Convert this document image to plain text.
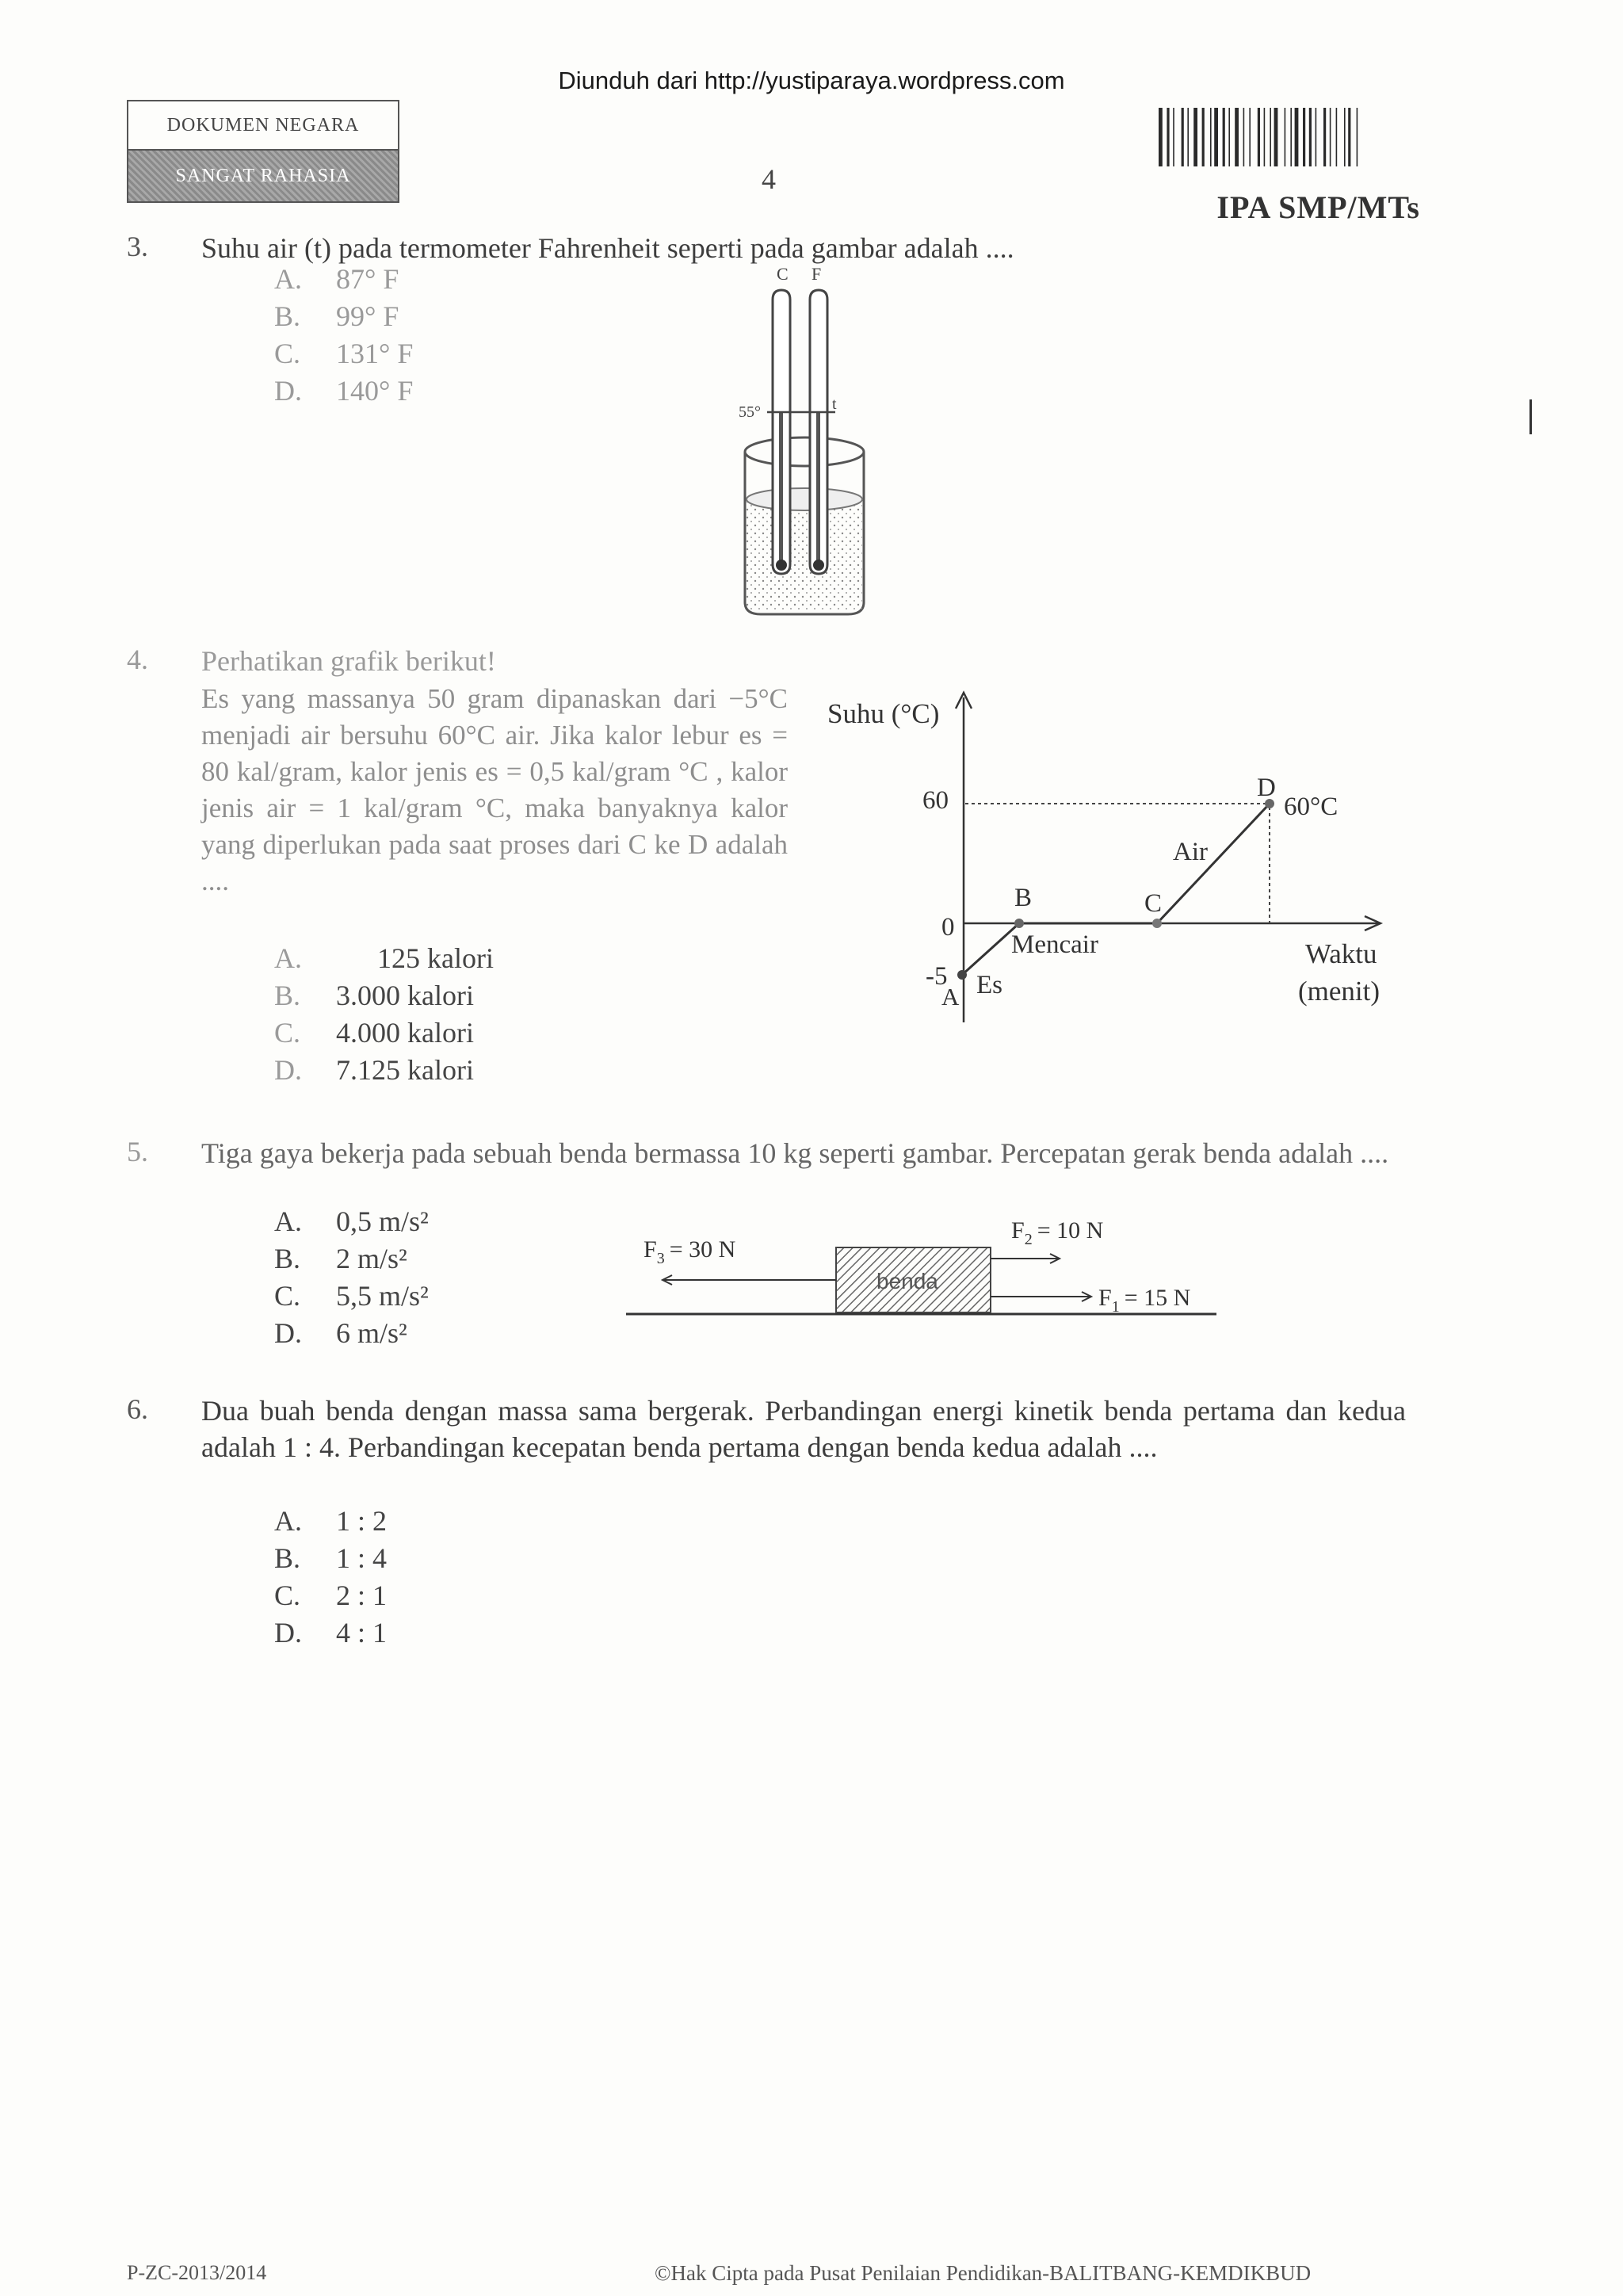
Diunduh dari http://yustiparaya.wordpress.com
DOKUMEN NEGARA
SANGAT RAHASIA	4
IPA SMP/MTs
3. Suhu air (t) pada termometer Fahrenheit seperti pada gambar adalah ....
A.	87° F
B.	99° F
C.	131° F
D.	140° F
C F
55°	t
4. Perhatikan grafik berikut!
Es yang massanya 50 gram dipanaskan dari −5°C menjadi air bersuhu 60°C air. Jika kalor lebur es = 80 kal/gram, kalor jenis es = 0,5 kal/gram °C , kalor jenis air = 1 kal/gram °C, maka banyaknya kalor yang diperlukan pada saat proses dari C ke D adalah ....
A.	125 kalori
B.	3.000 kalori
C.	4.000 kalori
D.	7.125 kalori
Suhu (°C)
60
0
-5
A Es
B
Mencair
C
Air
D
60°C
Waktu
(menit)
5. Tiga gaya bekerja pada sebuah benda bermassa 10 kg seperti gambar. Percepatan gerak benda adalah ....
A.	0,5 m/s²
B.	2 m/s²
C.	5,5 m/s²
D.	6 m/s²
benda
$F_3 = 30$ N
$F_2 = 10$ N
$F_1 = 15$ N
6. Dua buah benda dengan massa sama bergerak. Perbandingan energi kinetik benda pertama dan kedua adalah 1 : 4. Perbandingan kecepatan benda pertama dengan benda kedua adalah ....
A.	1 : 2
B.	1 : 4
C.	2 : 1
D.	4 : 1
P-ZC-2013/2014	©Hak Cipta pada Pusat Penilaian Pendidikan-BALITBANG-KEMDIKBUD
